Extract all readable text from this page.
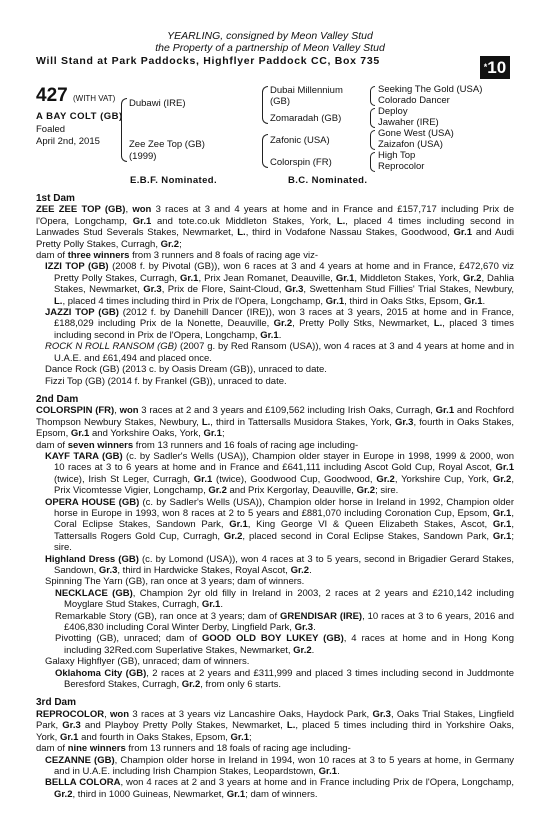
YEARLING, consigned by Meon Valley Stud
the Property of a partnership of Meon Valley Stud
Will Stand at Park Paddocks, Highflyer Paddock CC, Box 735	*10
427 (WITH VAT)
A BAY COLT (GB)
Foaled
April 2nd, 2015
Dubawi (IRE)
Zee Zee Top (GB)
(1999)
Dubai Millennium
(GB)
Zomaradah (GB)
Zafonic (USA)
Colorspin (FR)
Seeking The Gold (USA)
Colorado Dancer
Deploy
Jawaher (IRE)
Gone West (USA)
Zaizafon (USA)
High Top
Reprocolor
E.B.F. Nominated.	B.C. Nominated.
1st Dam

ZEE ZEE TOP (GB), won 3 races at 3 and 4 years at home and in France and £157,717 including Prix de l'Opera, Longchamp, Gr.1 and tote.co.uk Middleton Stakes, York, L., placed 4 times including second in Lanwades Stud Severals Stakes, Newmarket, L., third in Vodafone Nassau Stakes, Goodwood, Gr.1 and Audi Pretty Polly Stakes, Curragh, Gr.2;

dam of three winners from 3 runners and 8 foals of racing age viz-

IZZI TOP (GB) (2008 f. by Pivotal (GB)), won 6 races at 3 and 4 years at home and in France, £472,670 viz Pretty Polly Stakes, Curragh, Gr.1, Prix Jean Romanet, Deauville, Gr.1, Middleton Stakes, York, Gr.2, Dahlia Stakes, Newmarket, Gr.3, Prix de Flore, Saint-Cloud, Gr.3, Swettenham Stud Fillies' Trial Stakes, Newbury, L., placed 4 times including third in Prix de l'Opera, Longchamp, Gr.1, third in Oaks Stks, Epsom, Gr.1.

JAZZI TOP (GB) (2012 f. by Danehill Dancer (IRE)), won 3 races at 3 years, 2015 at home and in France, £188,029 including Prix de la Nonette, Deauville, Gr.2, Pretty Polly Stks, Newmarket, L., placed 3 times including second in Prix de l'Opera, Longchamp, Gr.1.

ROCK N ROLL RANSOM (GB) (2007 g. by Red Ransom (USA)), won 4 races at 3 and 4 years at home and in U.A.E. and £61,494 and placed once.

Dance Rock (GB) (2013 c. by Oasis Dream (GB)), unraced to date.

Fizzi Top (GB) (2014 f. by Frankel (GB)), unraced to date.

2nd Dam

COLORSPIN (FR), won 3 races at 2 and 3 years and £109,562 including Irish Oaks, Curragh, Gr.1 and Rochford Thompson Newbury Stakes, Newbury, L., third in Tattersalls Musidora Stakes, York, Gr.3, fourth in Oaks Stakes, Epsom, Gr.1 and Yorkshire Oaks, York, Gr.1;

dam of seven winners from 13 runners and 16 foals of racing age including-

KAYF TARA (GB) (c. by Sadler's Wells (USA)), Champion older stayer in Europe in 1998, 1999 & 2000, won 10 races at 3 to 6 years at home and in France and £641,111 including Ascot Gold Cup, Royal Ascot, Gr.1 (twice), Irish St Leger, Curragh, Gr.1 (twice), Goodwood Cup, Goodwood, Gr.2, Yorkshire Cup, York, Gr.2, Prix Vicomtesse Vigier, Longchamp, Gr.2 and Prix Kergorlay, Deauville, Gr.2; sire.

OPERA HOUSE (GB) (c. by Sadler's Wells (USA)), Champion older horse in Ireland in 1992, Champion older horse in Europe in 1993, won 8 races at 2 to 5 years and £881,070 including Coronation Cup, Epsom, Gr.1, Coral Eclipse Stakes, Sandown Park, Gr.1, King George VI & Queen Elizabeth Stakes, Ascot, Gr.1, Tattersalls Rogers Gold Cup, Curragh, Gr.2, placed second in Coral Eclipse Stakes, Sandown Park, Gr.1; sire.

Highland Dress (GB) (c. by Lomond (USA)), won 4 races at 3 to 5 years, second in Brigadier Gerard Stakes, Sandown, Gr.3, third in Hardwicke Stakes, Royal Ascot, Gr.2.

Spinning The Yarn (GB), ran once at 3 years; dam of winners.

NECKLACE (GB), Champion 2yr old filly in Ireland in 2003, 2 races at 2 years and £210,142 including Moyglare Stud Stakes, Curragh, Gr.1.

Remarkable Story (GB), ran once at 3 years; dam of GRENDISAR (IRE), 10 races at 3 to 6 years, 2016 and £406,830 including Coral Winter Derby, Lingfield Park, Gr.3.

Pivotting (GB), unraced; dam of GOOD OLD BOY LUKEY (GB), 4 races at home and in Hong Kong including 32Red.com Superlative Stakes, Newmarket, Gr.2.

Galaxy Highflyer (GB), unraced; dam of winners.

Oklahoma City (GB), 2 races at 2 years and £311,999 and placed 3 times including second in Juddmonte Beresford Stakes, Curragh, Gr.2, from only 6 starts.

3rd Dam

REPROCOLOR, won 3 races at 3 years viz Lancashire Oaks, Haydock Park, Gr.3, Oaks Trial Stakes, Lingfield Park, Gr.3 and Playboy Pretty Polly Stakes, Newmarket, L., placed 5 times including third in Yorkshire Oaks, York, Gr.1 and fourth in Oaks Stakes, Epsom, Gr.1;

dam of nine winners from 13 runners and 18 foals of racing age including-

CEZANNE (GB), Champion older horse in Ireland in 1994, won 10 races at 3 to 5 years at home, in Germany and in U.A.E. including Irish Champion Stakes, Leopardstown, Gr.1.

BELLA COLORA, won 4 races at 2 and 3 years at home and in France including Prix de l'Opera, Longchamp, Gr.2, third in 1000 Guineas, Newmarket, Gr.1; dam of winners.
